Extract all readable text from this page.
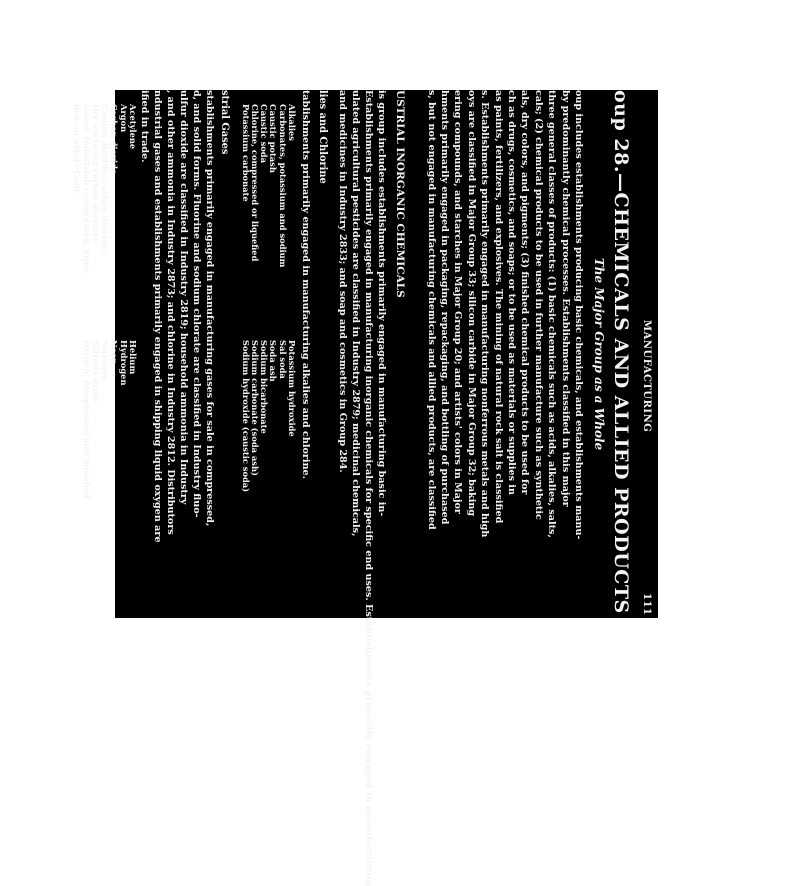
MANUFACTURING
111
oup 28.—CHEMICALS AND ALLIED PRODUCTS
The Major Group as a Whole
oup includes establishments producing basic chemicals, and establishments manu-
by predominantly chemical processes. Establishments classified in this major
three general classes of products: (1) basic chemicals such as acids, alkalies, salts,
cals; (2) chemical products to be used in further manufacture such as synthetic
als, dry colors, and pigments; (3) finished chemical products to be used for
ch as drugs, cosmetics, and soaps; or to be used as materials or supplies in
as paints, fertilizers, and explosives. The mining of natural rock salt is classified
s. Establishments primarily engaged in manufacturing nonferrous metals and high
oys are classified in Major Group 33; silicon carbide in Major Group 32; baking
ering compounds, and starches in Major Group 20; and artists' colors in Major
hments primarily engaged in packaging, repackaging, and bottling of purchased
s, but not engaged in manufacturing chemicals and allied products, are classified
USTRIAL INORGANIC CHEMICALS
is group includes establishments primarily engaged in manufacturing basic in-
Establishments primarily engaged in manufacturing inorganic chemicals for specific end uses. Establishments primarily engaged in manufacturing
ulated agricultural pesticides are classified in Industry 2879; medicinal chemicals,
and medicines in Industry 2833; and soap and cosmetics in Group 284.
lies and Chlorine
tablishments primarily engaged in manufacturing alkalies and chlorine.
Alkalies
Carbonates, potassium and sodium
Caustic potash
Caustic soda
Chlorine, compressed or liquefied
Potassium carbonate
Potassium hydroxide
Sal soda
Soda ash
Sodium bicarbonate
Sodium carbonate (soda ash)
Sodium hydroxide (caustic soda)
strial Gases
stablishments primarily engaged in manufacturing gases for sale in compressed,
d, and solid forms. Fluorine and sodium chlorate are classified in Industry fluo-
ulfur dioxide are classified in Industry 2819; household ammonia in Industry
, and other ammonia in Industry 2873; and chlorine in Industry 2812. Distributors
ndustrial gases and establishments primarily engaged in shipping liquid oxygen are
ified in trade.
Acetylene
Argon
Carbon dioxide
Carbon dioxide (carbon dioxide)
Dry ice (solid carbon dioxide)
Gases, industrial: compressed, lique-
fied, or solid—Cont.
Helium
Hydrogen
Neon
Nitrogen
Nitrous oxide
Oxygen, compressed and liquefied
